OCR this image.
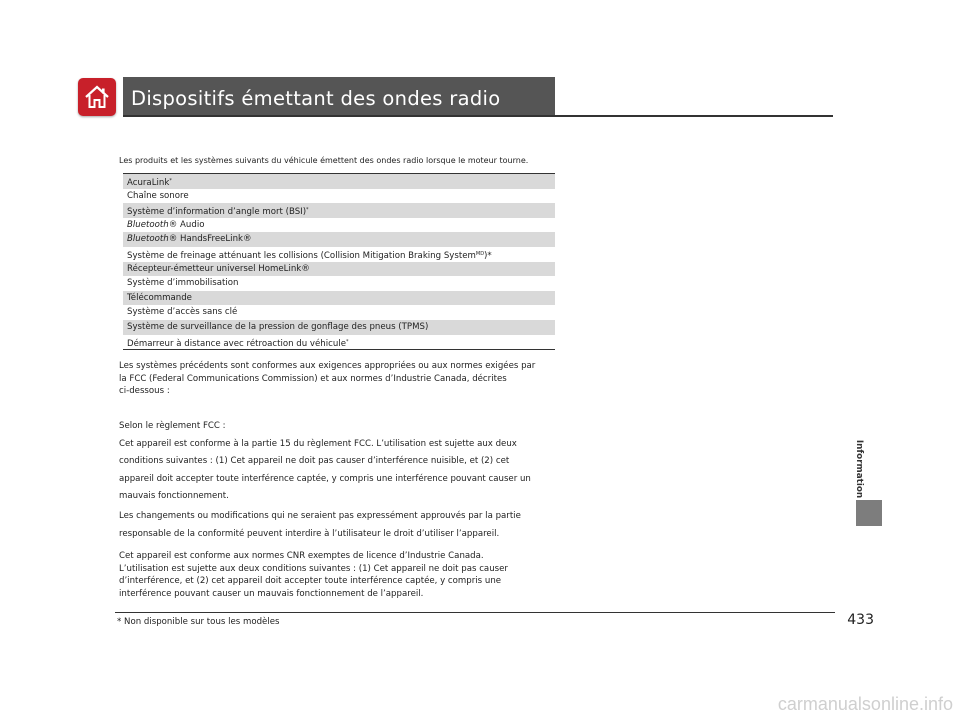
Dispositifs émettant des ondes radio
Les produits et les systèmes suivants du véhicule émettent des ondes radio lorsque le moteur tourne.
AcuraLink*
Chaîne sonore
Système d’information d’angle mort (BSI)*
Bluetooth® Audio
Bluetooth® HandsFreeLink®
Système de freinage atténuant les collisions (Collision Mitigation Braking System$^{MD}$)*
Récepteur-émetteur universel HomeLink®
Système d’immobilisation
Télécommande
Système d’accès sans clé
Système de surveillance de la pression de gonflage des pneus (TPMS)
Démarreur à distance avec rétroaction du véhicule*
Les systèmes précédents sont conformes aux exigences appropriées ou aux normes exigées par
la FCC (Federal Communications Commission) et aux normes d’Industrie Canada, décrites
ci-dessous :
Selon le règlement FCC :
Cet appareil est conforme à la partie 15 du règlement FCC. L’utilisation est sujette aux deux
conditions suivantes : (1) Cet appareil ne doit pas causer d’interférence nuisible, et (2) cet
appareil doit accepter toute interférence captée, y compris une interférence pouvant causer un
mauvais fonctionnement.
Les changements ou modifications qui ne seraient pas expressément approuvés par la partie
responsable de la conformité peuvent interdire à l’utilisateur le droit d’utiliser l’appareil.
Cet appareil est conforme aux normes CNR exemptes de licence d’Industrie Canada.
L’utilisation est sujette aux deux conditions suivantes : (1) Cet appareil ne doit pas causer
d’interférence, et (2) cet appareil doit accepter toute interférence captée, y compris une
interférence pouvant causer un mauvais fonctionnement de l’appareil.
* Non disponible sur tous les modèles
Information
433
carmanualsonline.info
